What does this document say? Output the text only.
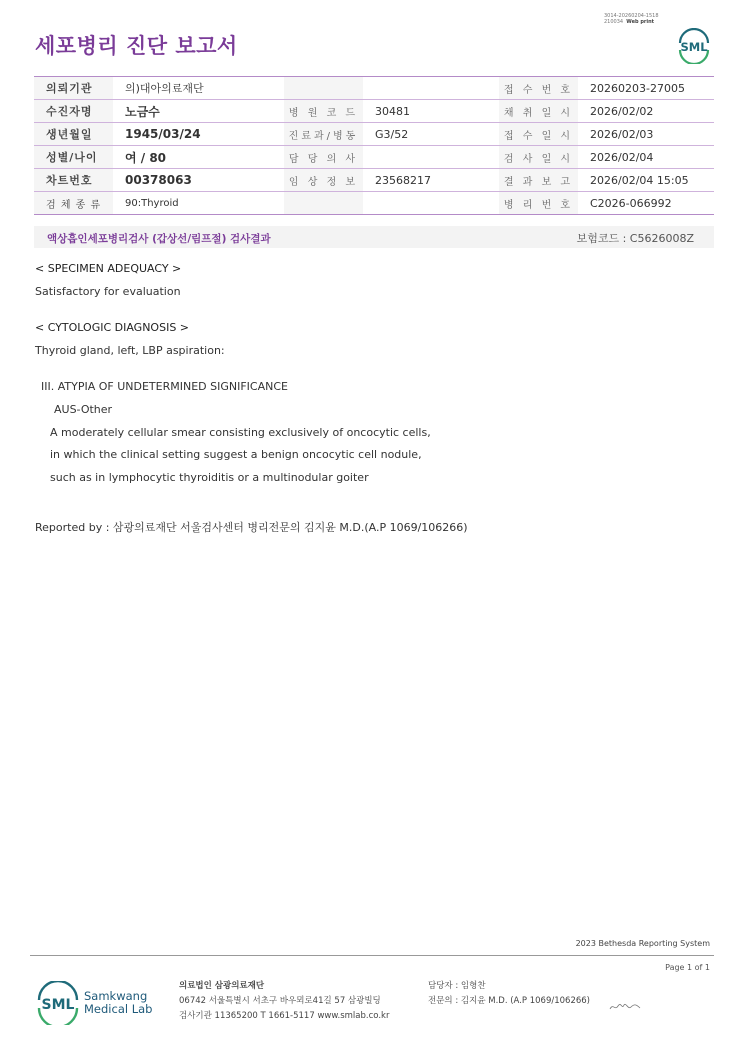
세포병리 진단 보고서
3014-20260204-1518
210034 Web print
SML
의뢰기관	의)대아의료재단			접 수 번 호	20260203-27005
수진자명	노금수	병 원 코 드	30481	채 취 일 시	2026/02/02
생년월일	1945/03/24	진료과/병동	G3/52	접 수 일 시	2026/02/03
성별/나이	여 / 80	담 당 의 사		검 사 일 시	2026/02/04
차트번호	00378063	임 상 정 보	23568217	결 과 보 고	2026/02/04 15:05
검 체 종 류	90:Thyroid			병 리 번 호	C2026-066992
액상흡인세포병리검사 (갑상선/림프절) 검사결과	보험코드 : C5626008Z
< SPECIMEN ADEQUACY >
Satisfactory for evaluation
< CYTOLOGIC DIAGNOSIS >
Thyroid gland, left, LBP aspiration:
III. ATYPIA OF UNDETERMINED SIGNIFICANCE
AUS-Other
A moderately cellular smear consisting exclusively of oncocytic cells,
in which the clinical setting suggest a benign oncocytic cell nodule,
such as in lymphocytic thyroiditis or a multinodular goiter
Reported by : 삼광의료재단 서울검사센터 병리전문의 김지윤 M.D.(A.P 1069/106266)
2023 Bethesda Reporting System
Page 1 of 1
SML
Samkwang
Medical Lab
의료법인 삼광의료재단
06742 서울특별시 서초구 바우뫼로41길 57 삼광빌딩
검사기관 11365200 T 1661-5117 www.smlab.co.kr
담당자 : 임형찬
전문의 : 김지윤 M.D. (A.P 1069/106266)
